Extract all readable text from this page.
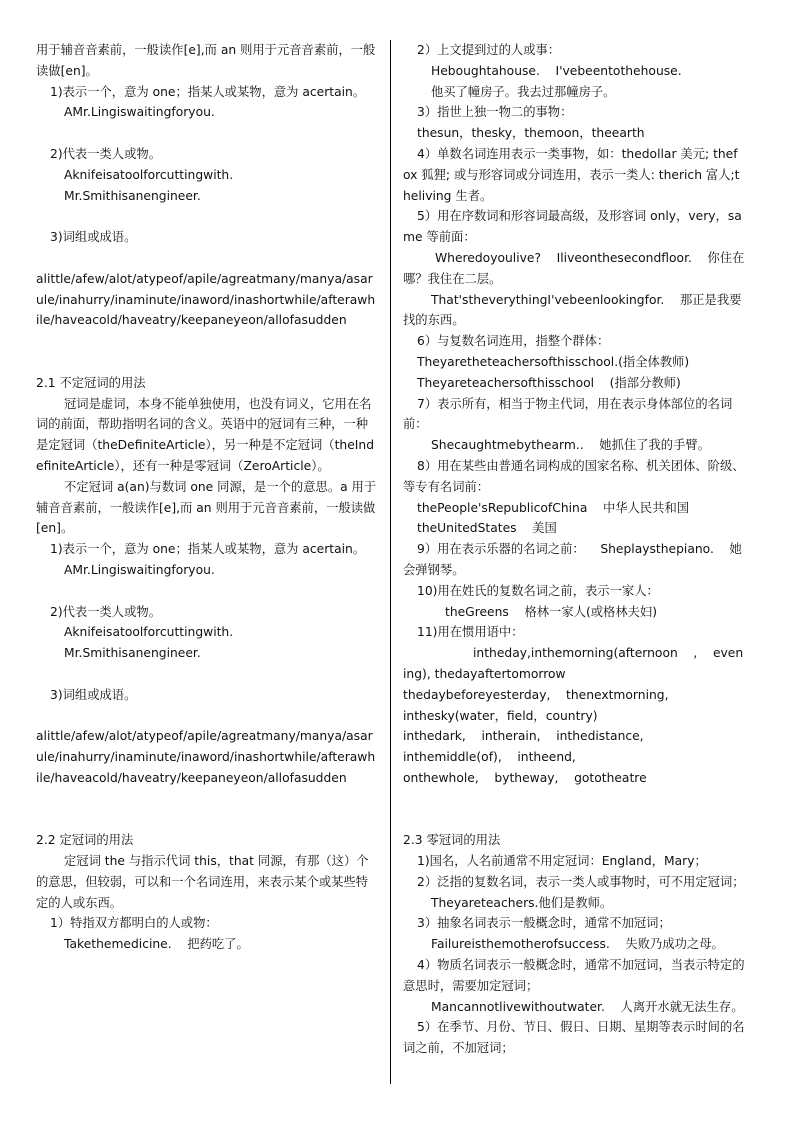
用于辅音音素前，一般读作[e],而 an 则用于元音音素前，一般读做[en]。

1)表示一个，意为 one；指某人或某物，意为 acertain。

AMr.Lingiswaitingforyou.

2)代表一类人或物。

Aknifeisatoolforcuttingwith.

Mr.Smithisanengineer.

3)词组或成语。

alittle/afew/alot/atypeof/apile/agreatmany/manya/asarule/inahurry/inaminute/inaword/inashortwhile/afterawhile/haveacold/haveatry/keepaneyeon/allofasudden

2.1 不定冠词的用法

冠词是虚词，本身不能单独使用，也没有词义，它用在名词的前面，帮助指明名词的含义。英语中的冠词有三种，一种是定冠词（theDefiniteArticle），另一种是不定冠词（theIndefiniteArticle），还有一种是零冠词（ZeroArticle）。

不定冠词 a(an)与数词 one 同源，是一个的意思。a 用于辅音音素前，一般读作[e],而 an 则用于元音音素前，一般读做[en]。

1)表示一个，意为 one；指某人或某物，意为 acertain。

AMr.Lingiswaitingforyou.

2)代表一类人或物。

Aknifeisatoolforcuttingwith.

Mr.Smithisanengineer.

3)词组或成语。

alittle/afew/alot/atypeof/apile/agreatmany/manya/asarule/inahurry/inaminute/inaword/inashortwhile/afterawhile/haveacold/haveatry/keepaneyeon/allofasudden

2.2 定冠词的用法

定冠词 the 与指示代词 this，that 同源，有那（这）个的意思，但较弱，可以和一个名词连用，来表示某个或某些特定的人或东西。

1）特指双方都明白的人或物：

Takethemedicine.    把药吃了。

2）上文提到过的人或事：

Heboughtahouse.    I'vebeentothehouse.

他买了幢房子。我去过那幢房子。

3）指世上独一物二的事物：

thesun，thesky，themoon，theearth

4）单数名词连用表示一类事物，如：thedollar 美元; thefox 狐狸; 或与形容词或分词连用，表示一类人: therich 富人;theliving 生者。

5）用在序数词和形容词最高级，及形容词 only，very，same 等前面：

Wheredoyoulive?    Iliveonthesecondfloor.    你住在哪？我住在二层。

That'stheverythingI'vebeenlookingfor.    那正是我要找的东西。

6）与复数名词连用，指整个群体：

Theyaretheteachersofthisschool.(指全体教师)

Theyareteachersofthisschool    (指部分教师)

7）表示所有，相当于物主代词，用在表示身体部位的名词前：

Shecaughtmebythearm..    她抓住了我的手臂。

8）用在某些由普通名词构成的国家名称、机关团体、阶级、等专有名词前：

thePeople'sRepublicofChina    中华人民共和国

theUnitedStates    美国

9）用在表示乐器的名词之前：    Sheplaysthepiano.    她会弹钢琴。

10)用在姓氏的复数名词之前，表示一家人：

theGreens    格林一家人(或格林夫妇)

11)用在惯用语中：

intheday,inthemorning(afternoon    ,    evening), thedayaftertomorrow

thedaybeforeyesterday,    thenextmorning,

inthesky(water，field，country)

inthedark,    intherain,    inthedistance,

inthemiddle(of),    intheend,

onthewhole,    bytheway,    gototheatre

2.3 零冠词的用法

1)国名，人名前通常不用定冠词：England，Mary；

2）泛指的复数名词，表示一类人或事物时，可不用定冠词；

Theyareteachers.他们是教师。

3）抽象名词表示一般概念时，通常不加冠词；

Failureisthemotherofsuccess.    失败乃成功之母。

4）物质名词表示一般概念时，通常不加冠词，当表示特定的意思时，需要加定冠词；

Mancannotlivewithoutwater.    人离开水就无法生存。

5）在季节、月份、节日、假日、日期、星期等表示时间的名词之前，不加冠词；
